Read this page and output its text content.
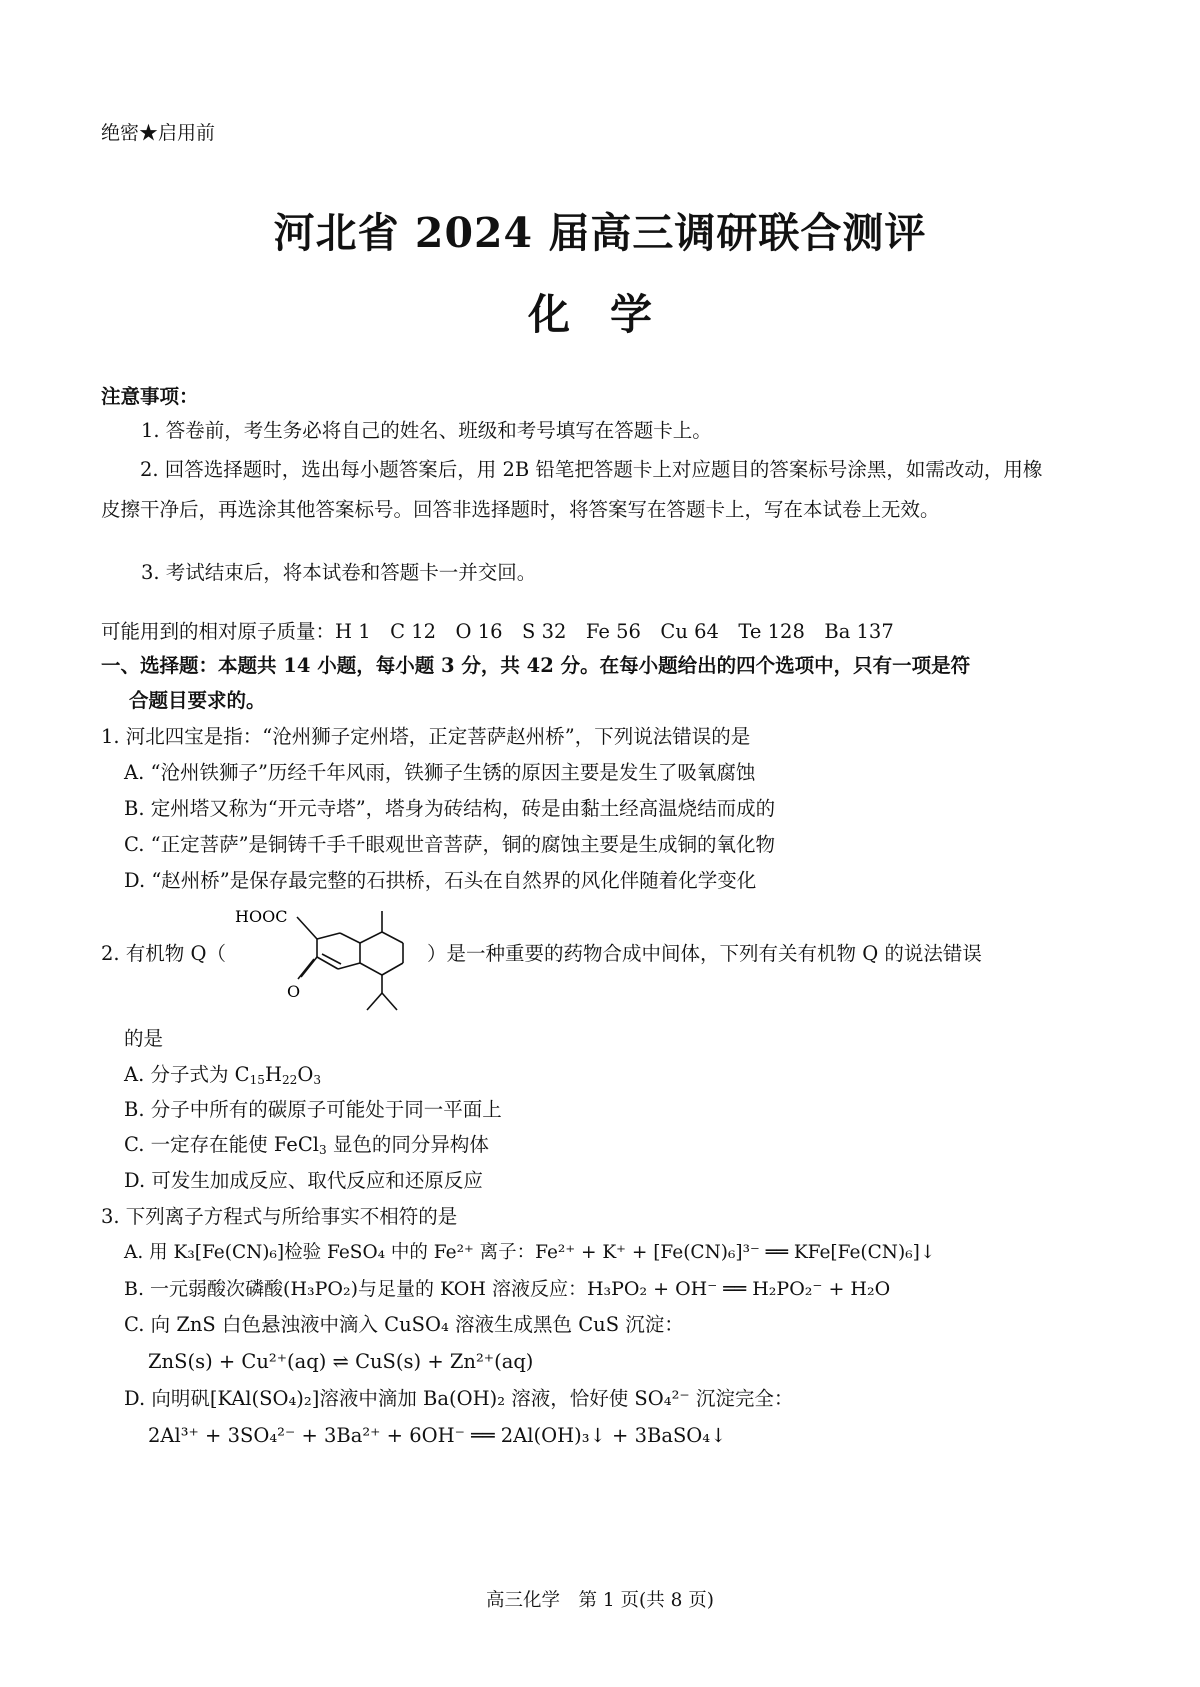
绝密★启用前
河北省 2024 届高三调研联合测评
化学
注意事项：
1. 答卷前，考生务必将自己的姓名、班级和考号填写在答题卡上。
2. 回答选择题时，选出每小题答案后，用 2B 铅笔把答题卡上对应题目的答案标号涂黑，如需改动，用橡皮擦干净后，再选涂其他答案标号。回答非选择题时，将答案写在答题卡上，写在本试卷上无效。
3. 考试结束后，将本试卷和答题卡一并交回。
可能用到的相对原子质量：H 1　C 12　O 16　S 32　Fe 56　Cu 64　Te 128　Ba 137
一、选择题：本题共 14 小题，每小题 3 分，共 42 分。在每小题给出的四个选项中，只有一项是符
合题目要求的。
1. 河北四宝是指：“沧州狮子定州塔，正定菩萨赵州桥”，下列说法错误的是
A. “沧州铁狮子”历经千年风雨，铁狮子生锈的原因主要是发生了吸氧腐蚀
B. 定州塔又称为“开元寺塔”，塔身为砖结构，砖是由黏土经高温烧结而成的
C. “正定菩萨”是铜铸千手千眼观世音菩萨，铜的腐蚀主要是生成铜的氧化物
D. “赵州桥”是保存最完整的石拱桥，石头在自然界的风化伴随着化学变化
2. 有机物 Q（
HOOC
O
）是一种重要的药物合成中间体，下列有关有机物 Q 的说法错误
的是
A. 分子式为 $C_{15}H_{22}O_3$
B. 分子中所有的碳原子可能处于同一平面上
C. 一定存在能使 FeCl$_3$ 显色的同分异构体
D. 可发生加成反应、取代反应和还原反应
3. 下列离子方程式与所给事实不相符的是
A. 用 K₃[Fe(CN)₆]检验 FeSO₄ 中的 Fe²⁺ 离子：Fe²⁺ + K⁺ + [Fe(CN)₆]³⁻ ══ KFe[Fe(CN)₆]↓
B. 一元弱酸次磷酸(H₃PO₂)与足量的 KOH 溶液反应：H₃PO₂ + OH⁻ ══ H₂PO₂⁻ + H₂O
C. 向 ZnS 白色悬浊液中滴入 CuSO₄ 溶液生成黑色 CuS 沉淀：
ZnS(s) + Cu²⁺(aq) ⇌ CuS(s) + Zn²⁺(aq)
D. 向明矾[KAl(SO₄)₂]溶液中滴加 Ba(OH)₂ 溶液，恰好使 SO₄²⁻ 沉淀完全：
2Al³⁺ + 3SO₄²⁻ + 3Ba²⁺ + 6OH⁻ ══ 2Al(OH)₃↓ + 3BaSO₄↓
高三化学　第 1 页(共 8 页)
